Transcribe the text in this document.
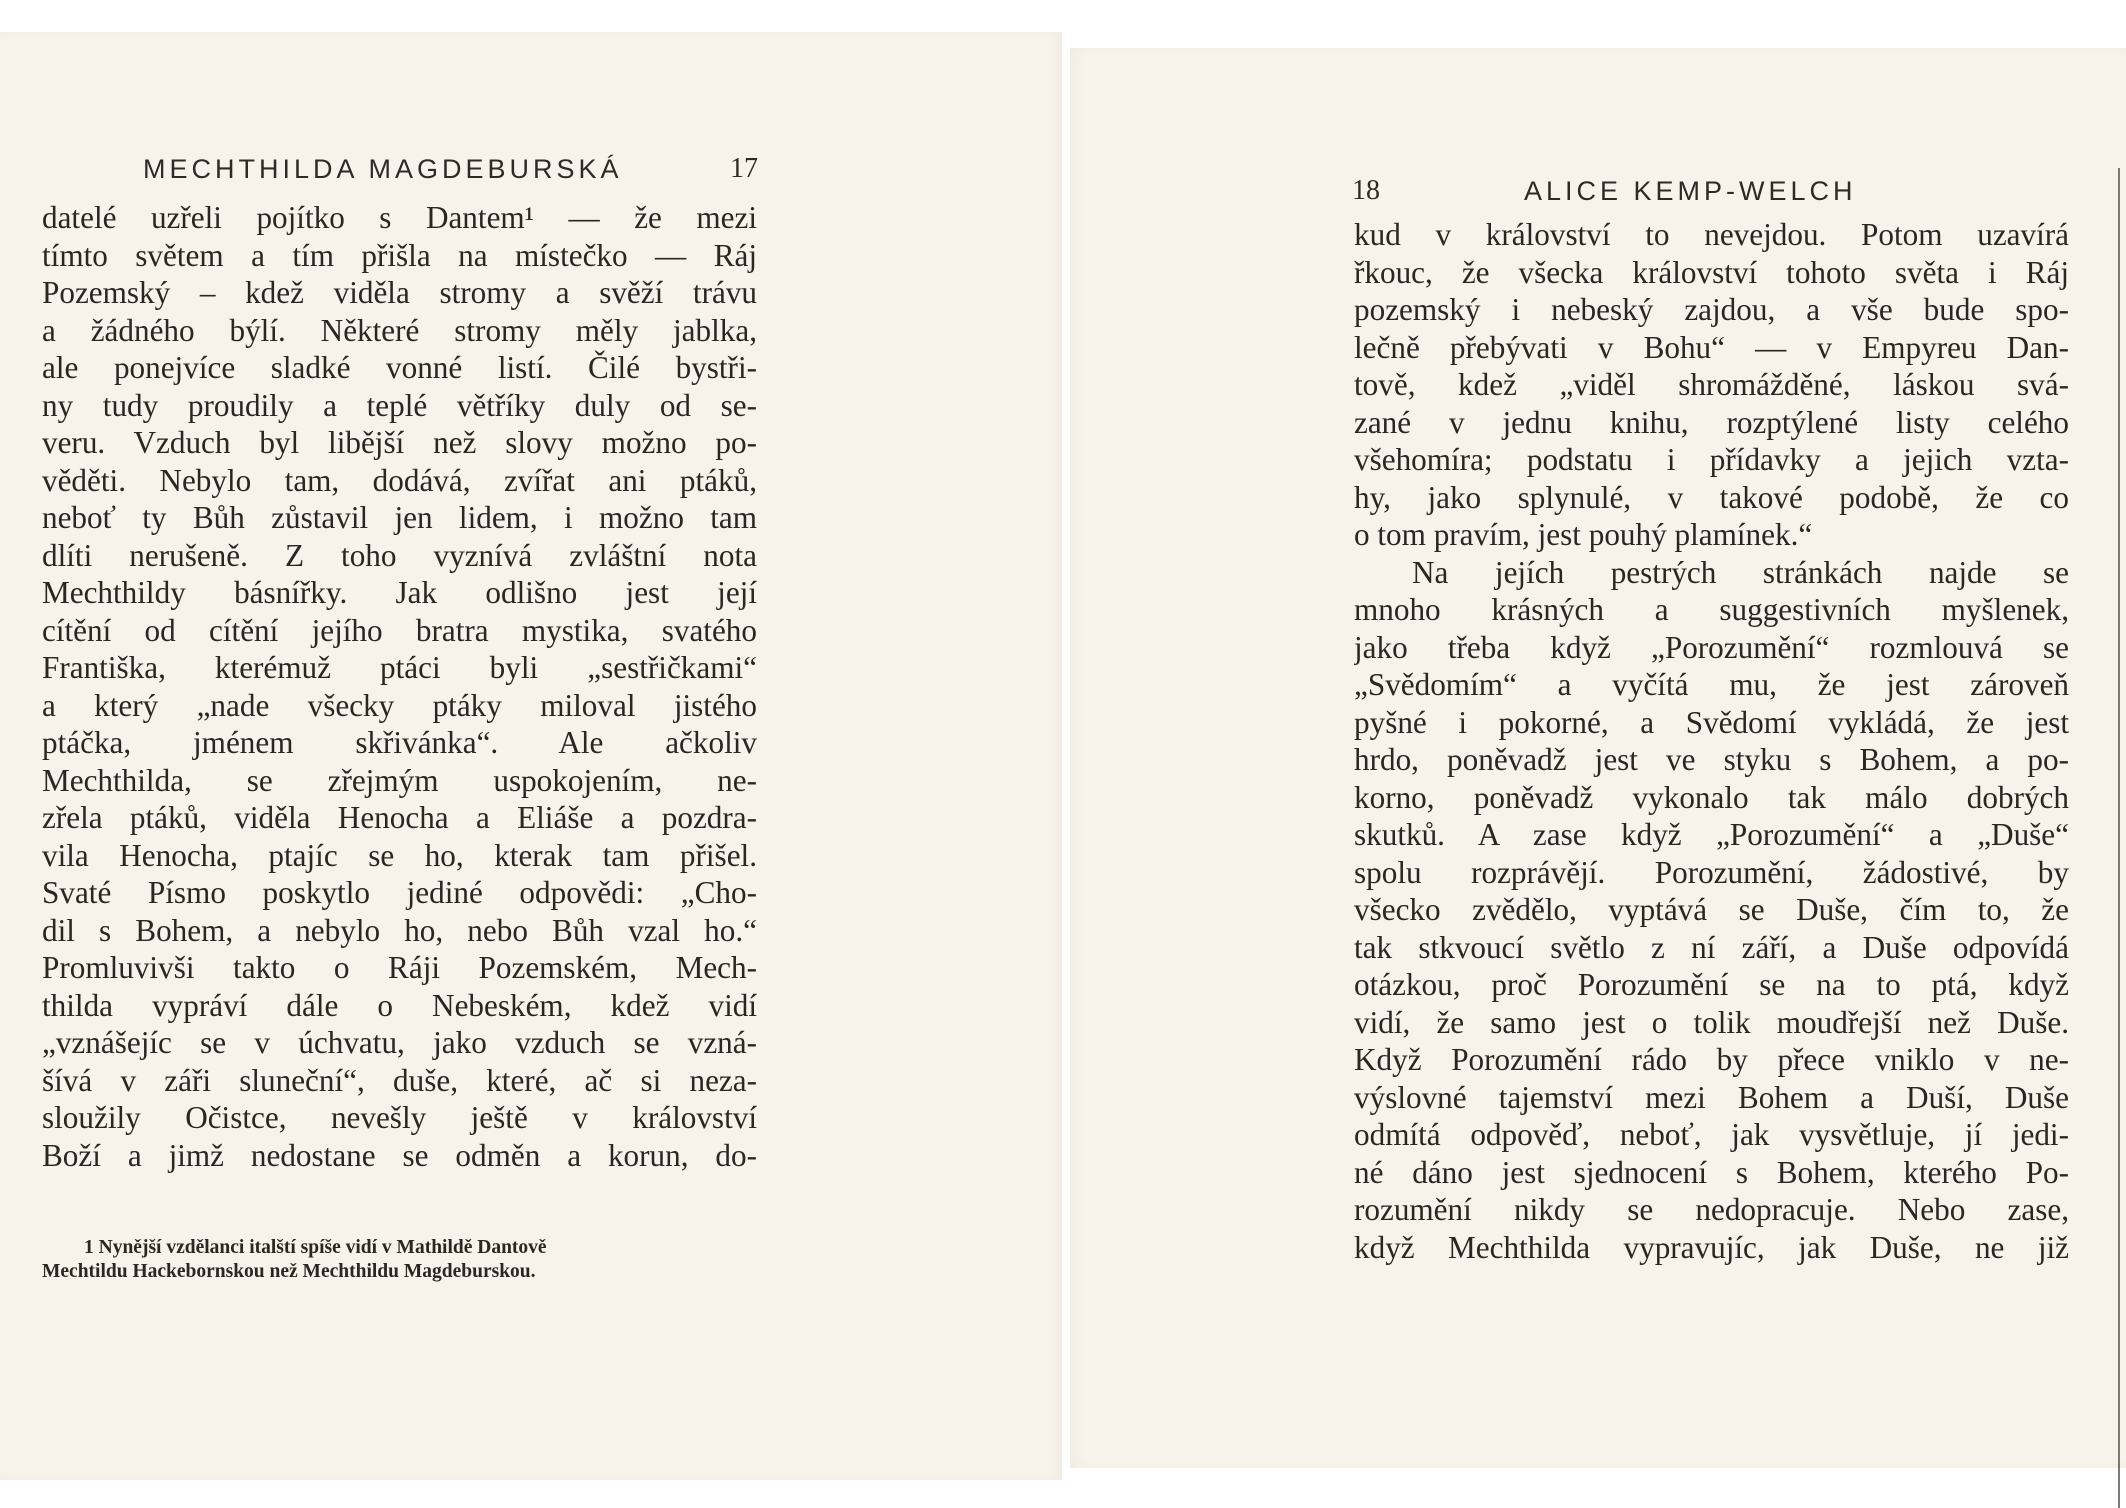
MECHTHILDA MAGDEBURSKÁ	17
datelé uzřeli pojítko s Dantem¹ — že mezi
tímto světem a tím přišla na místečko — Ráj
Pozemský – kdež viděla stromy a svěží trávu
a žádného býlí. Některé stromy měly jablka,
ale ponejvíce sladké vonné listí. Čilé bystři-
ny tudy proudily a teplé větříky duly od se-
veru. Vzduch byl libější než slovy možno po-
věděti. Nebylo tam, dodává, zvířat ani ptáků,
neboť ty Bůh zůstavil jen lidem, i možno tam
dlíti nerušeně. Z toho vyznívá zvláštní nota
Mechthildy básnířky. Jak odlišno jest její
cítění od cítění jejího bratra mystika, svatého
Františka, kterémuž ptáci byli „sestřičkami“
a který „nade všecky ptáky miloval jistého
ptáčka, jménem skřivánka“. Ale ačkoliv
Mechthilda, se zřejmým uspokojením, ne-
zřela ptáků, viděla Henocha a Eliáše a pozdra-
vila Henocha, ptajíc se ho, kterak tam přišel.
Svaté Písmo poskytlo jediné odpovědi: „Cho-
dil s Bohem, a nebylo ho, nebo Bůh vzal ho.“
Promluvivši takto o Ráji Pozemském, Mech-
thilda vypráví dále o Nebeském, kdež vidí
„vznášejíc se v úchvatu, jako vzduch se vzná-
šívá v záři sluneční“, duše, které, ač si neza-
sloužily Očistce, nevešly ještě v království
Boží a jimž nedostane se odměn a korun, do-
1 Nynější vzdělanci italští spíše vidí v Mathildě Dantově
Mechtildu Hackebornskou než Mechthildu Magdeburskou.
18	ALICE KEMP-WELCH
kud v království to nevejdou. Potom uzavírá
řkouc, že všecka království tohoto světa i Ráj
pozemský i nebeský zajdou, a vše bude spo-
lečně přebývati v Bohu“ — v Empyreu Dan-
tově, kdež „viděl shromážděné, láskou svá-
zané v jednu knihu, rozptýlené listy celého
všehomíra; podstatu i přídavky a jejich vzta-
hy, jako splynulé, v takové podobě, že co
o tom pravím, jest pouhý plamínek.“
Na jejích pestrých stránkách najde se
mnoho krásných a suggestivních myšlenek,
jako třeba když „Porozumění“ rozmlouvá se
„Svědomím“ a vyčítá mu, že jest zároveň
pyšné i pokorné, a Svědomí vykládá, že jest
hrdo, poněvadž jest ve styku s Bohem, a po-
korno, poněvadž vykonalo tak málo dobrých
skutků. A zase když „Porozumění“ a „Duše“
spolu rozprávějí. Porozumění, žádostivé, by
všecko zvědělo, vyptává se Duše, čím to, že
tak stkvoucí světlo z ní září, a Duše odpovídá
otázkou, proč Porozumění se na to ptá, když
vidí, že samo jest o tolik moudřejší než Duše.
Když Porozumění rádo by přece vniklo v ne-
výslovné tajemství mezi Bohem a Duší, Duše
odmítá odpověď, neboť, jak vysvětluje, jí jedi-
né dáno jest sjednocení s Bohem, kterého Po-
rozumění nikdy se nedopracuje. Nebo zase,
když Mechthilda vypravujíc, jak Duše, ne již
